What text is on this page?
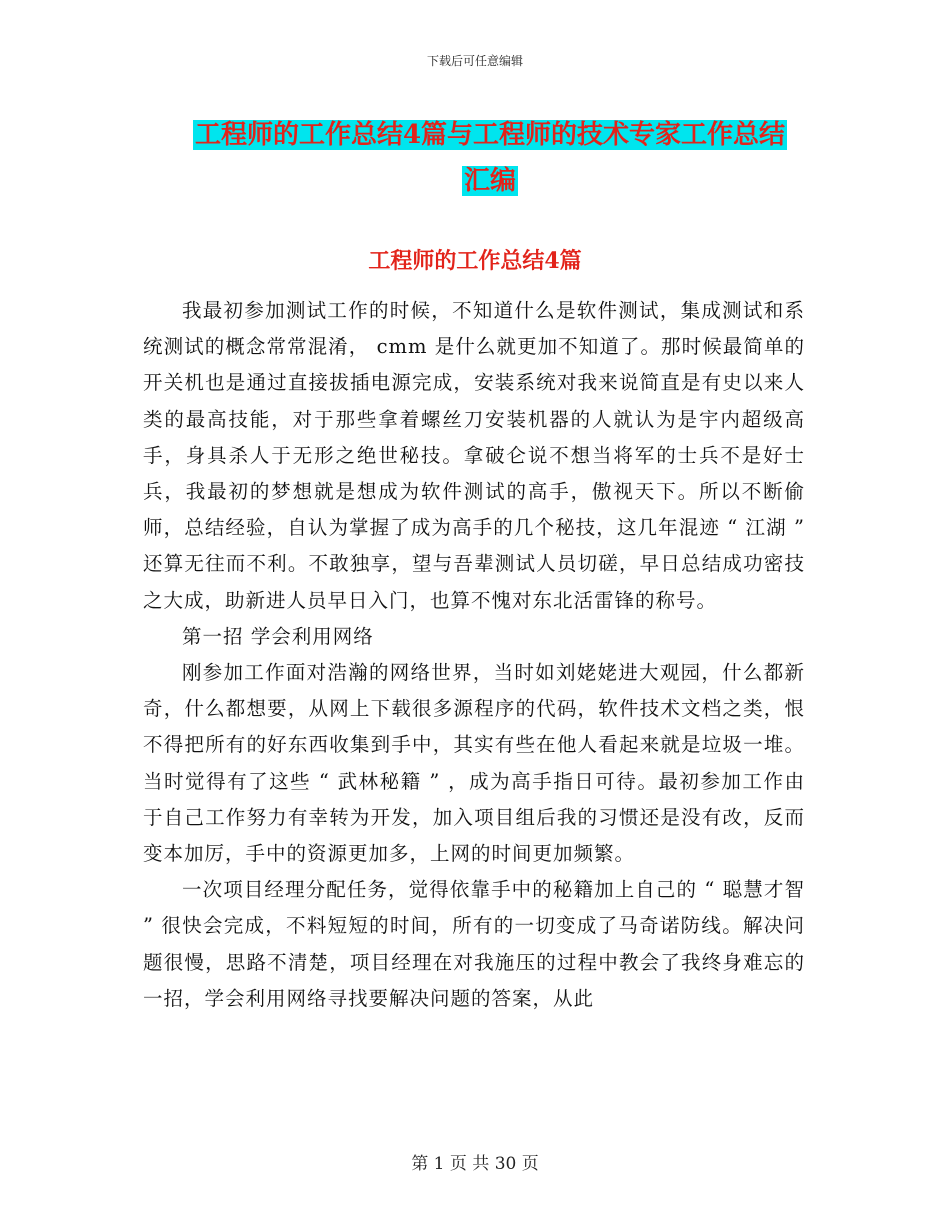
下载后可任意编辑
工程师的工作总结4篇与工程师的技术专家工作总结
汇编
工程师的工作总结4篇

我最初参加测试工作的时候，不知道什么是软件测试，集成测试和系统测试的概念常常混淆， cmm 是什么就更加不知道了。那时候最简单的开关机也是通过直接拔插电源完成，安装系统对我来说简直是有史以来人类的最高技能，对于那些拿着螺丝刀安装机器的人就认为是宇内超级高手，身具杀人于无形之绝世秘技。拿破仑说不想当将军的士兵不是好士兵，我最初的梦想就是想成为软件测试的高手，傲视天下。所以不断偷师，总结经验，自认为掌握了成为高手的几个秘技，这几年混迹 “ 江湖 ” 还算无往而不利。不敢独享，望与吾辈测试人员切磋，早日总结成功密技之大成，助新进人员早日入门，也算不愧对东北活雷锋的称号。

第一招 学会利用网络

刚参加工作面对浩瀚的网络世界，当时如刘姥姥进大观园，什么都新奇，什么都想要，从网上下载很多源程序的代码，软件技术文档之类，恨不得把所有的好东西收集到手中，其实有些在他人看起来就是垃圾一堆。当时觉得有了这些 “ 武林秘籍 ” ，成为高手指日可待。最初参加工作由于自己工作努力有幸转为开发，加入项目组后我的习惯还是没有改，反而变本加厉，手中的资源更加多，上网的时间更加频繁。

一次项目经理分配任务，觉得依靠手中的秘籍加上自己的 “ 聪慧才智 ” 很快会完成，不料短短的时间，所有的一切变成了马奇诺防线。解决问题很慢，思路不清楚，项目经理在对我施压的过程中教会了我终身难忘的一招，学会利用网络寻找要解决问题的答案，从此

第 1 页 共 30 页
